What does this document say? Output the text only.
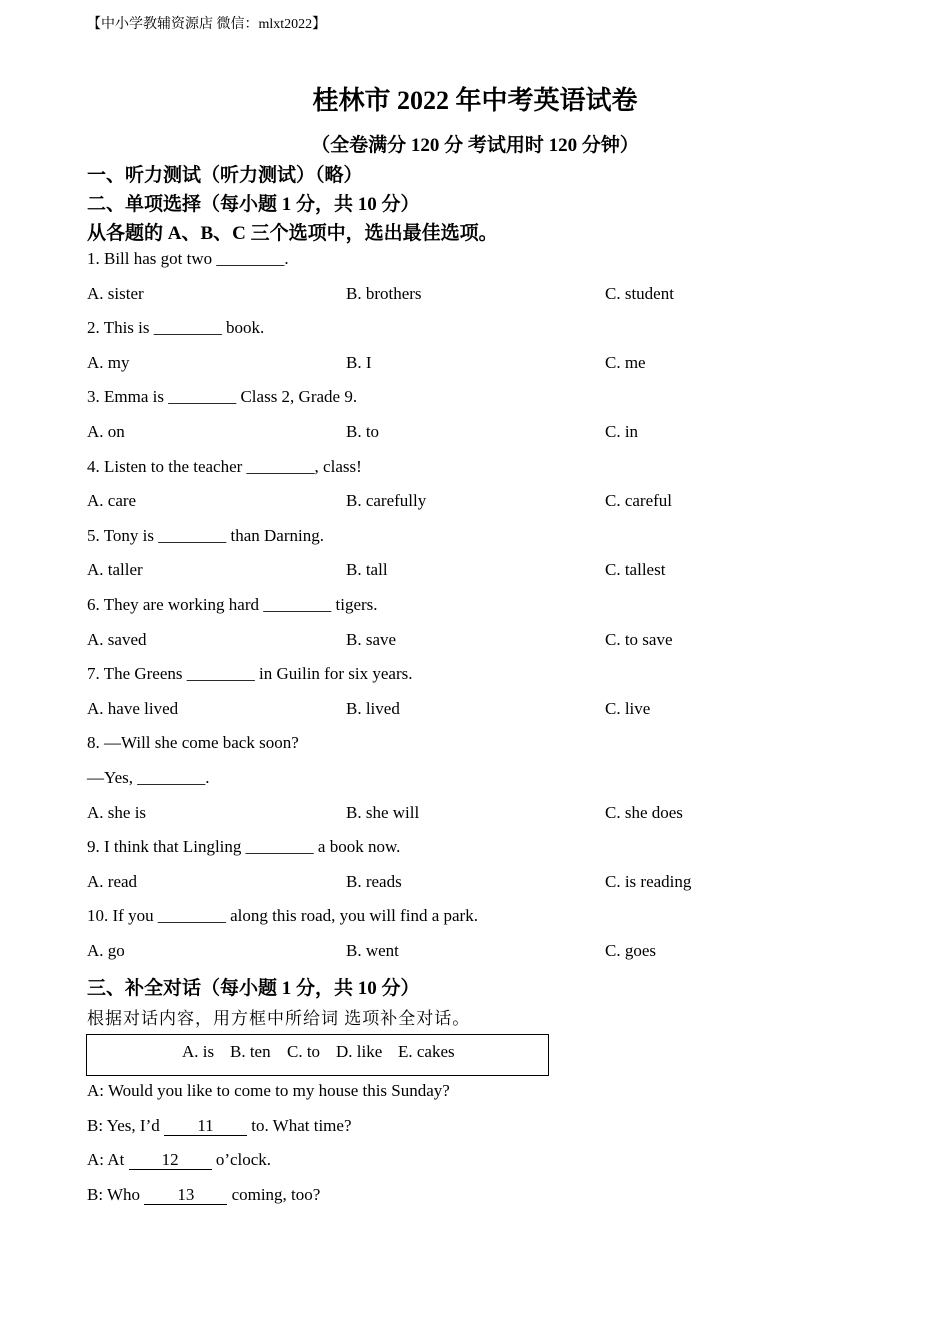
【中小学教辅资源店 微信：mlxt2022】
桂林市 2022 年中考英语试卷
（全卷满分 120 分 考试用时 120 分钟）
一、听力测试（听力测试）（略）
二、单项选择（每小题 1 分，共 10 分）
从各题的 A、B、C 三个选项中，选出最佳选项。
1. Bill has got two ________.
A. sister	B. brothers	C. student
2. This is ________ book.
A. my	B. I	C. me
3. Emma is ________ Class 2, Grade 9.
A. on	B. to	C. in
4. Listen to the teacher ________, class!
A. care	B. carefully	C. careful
5. Tony is ________ than Darning.
A. taller	B. tall	C. tallest
6. They are working hard ________ tigers.
A. saved	B. save	C. to save
7. The Greens ________ in Guilin for six years.
A. have lived	B. lived	C. live
8. —Will she come back soon?
—Yes, ________.
A. she is	B. she will	C. she does
9. I think that Lingling ________ a book now.
A. read	B. reads	C. is reading
10. If you ________ along this road, you will find a park.
A. go	B. went	C. goes
三、补全对话（每小题 1 分，共 10 分）
根据对话内容，用方框中所给词 选项补全对话。
A. is B. ten C. to D. like E. cakes
A: Would you like to come to my house this Sunday?
B: Yes, I’d 11 to. What time?
A: At 12 o’clock.
B: Who 13 coming, too?
